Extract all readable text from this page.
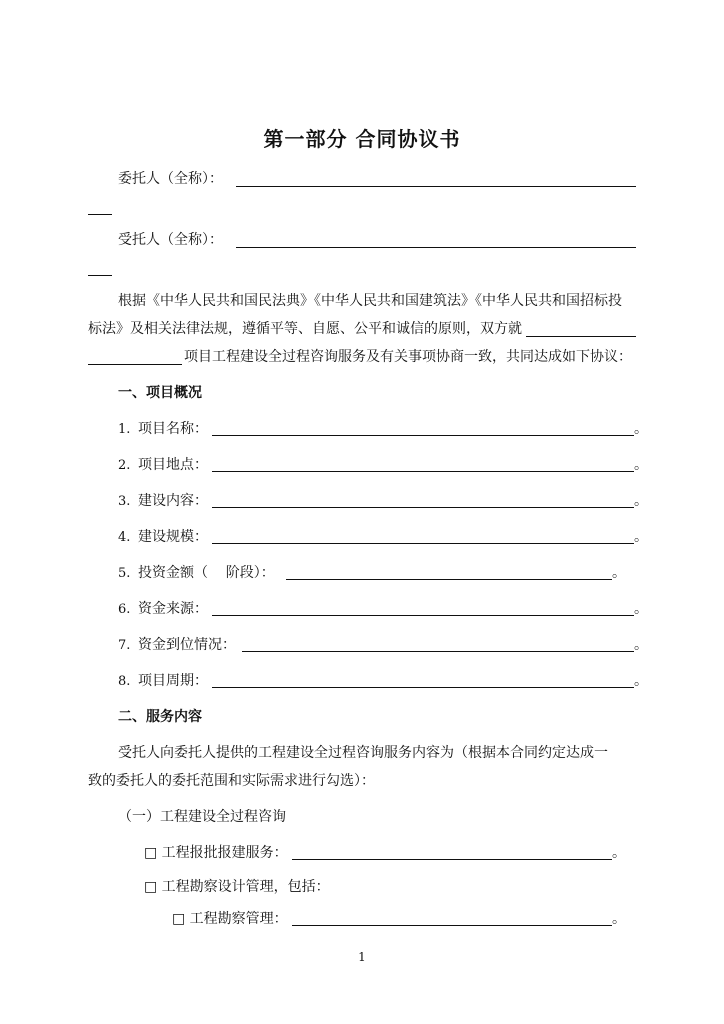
第一部分 合同协议书
委托人（全称）：
受托人（全称）：
根据《中华人民共和国民法典》《中华人民共和国建筑法》《中华人民共和国招标投
标法》及相关法律法规，遵循平等、自愿、公平和诚信的原则，双方就
项目工程建设全过程咨询服务及有关事项协商一致，共同达成如下协议：
一、项目概况
1. 项目名称：	。
2. 项目地点：	。
3. 建设内容：	。
4. 建设规模：	。
5. 投资金额（    阶段）：	。
6. 资金来源：	。
7. 资金到位情况：	。
8. 项目周期：	。
二、服务内容
受托人向委托人提供的工程建设全过程咨询服务内容为（根据本合同约定达成一
致的委托人的委托范围和实际需求进行勾选）：
（一）工程建设全过程咨询
□ 工程报批报建服务：	。
□ 工程勘察设计管理，包括：
□ 工程勘察管理：	。
1
